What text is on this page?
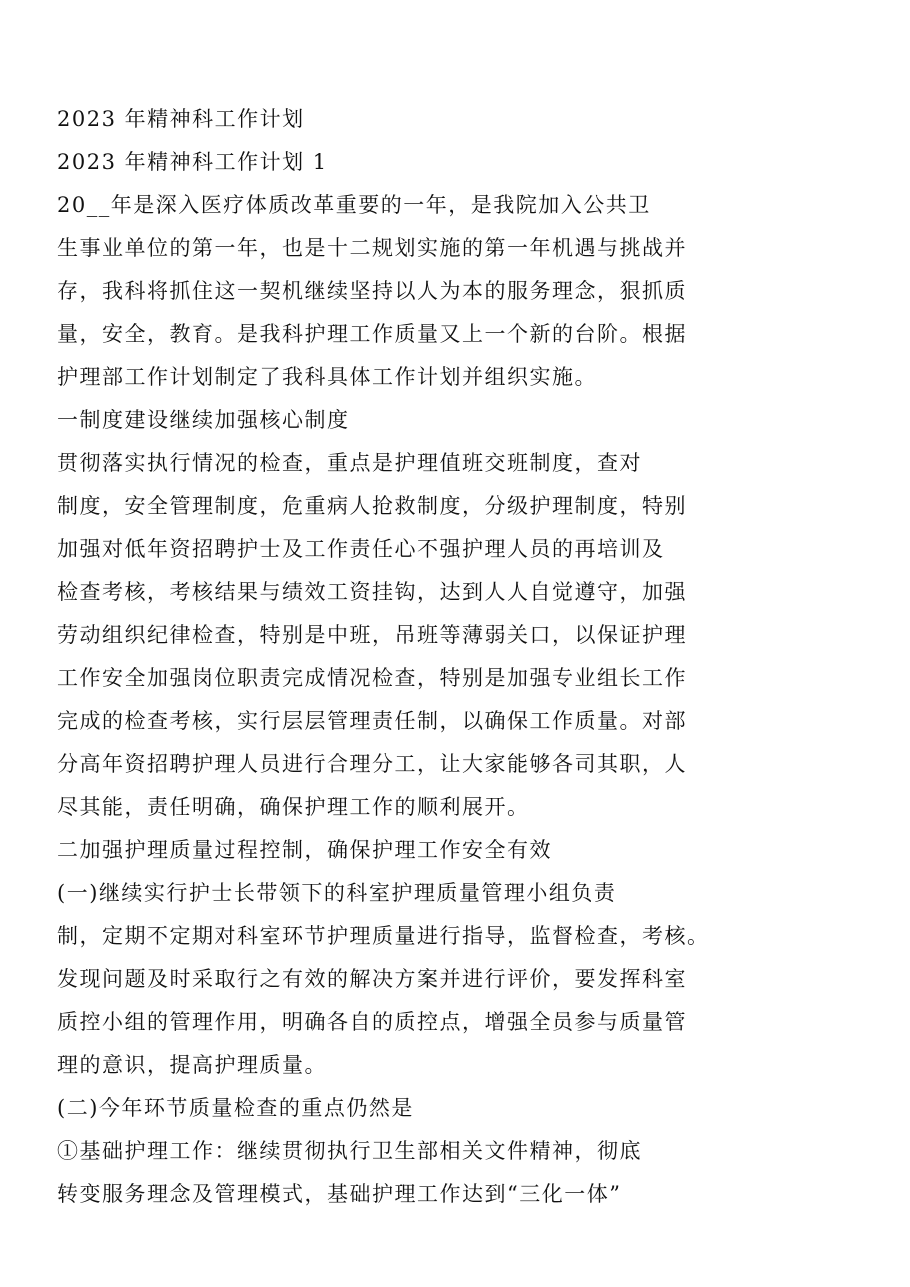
2023 年精神科工作计划
2023 年精神科工作计划 1
20__年是深入医疗体质改革重要的一年，是我院加入公共卫
生事业单位的第一年，也是十二规划实施的第一年机遇与挑战并
存，我科将抓住这一契机继续坚持以人为本的服务理念，狠抓质
量，安全，教育。是我科护理工作质量又上一个新的台阶。根据
护理部工作计划制定了我科具体工作计划并组织实施。
一制度建设继续加强核心制度
贯彻落实执行情况的检查，重点是护理值班交班制度，查对
制度，安全管理制度，危重病人抢救制度，分级护理制度，特别
加强对低年资招聘护士及工作责任心不强护理人员的再培训及
检查考核，考核结果与绩效工资挂钩，达到人人自觉遵守，加强
劳动组织纪律检查，特别是中班，吊班等薄弱关口，以保证护理
工作安全加强岗位职责完成情况检查，特别是加强专业组长工作
完成的检查考核，实行层层管理责任制，以确保工作质量。对部
分高年资招聘护理人员进行合理分工，让大家能够各司其职，人
尽其能，责任明确，确保护理工作的顺利展开。
二加强护理质量过程控制，确保护理工作安全有效
(一)继续实行护士长带领下的科室护理质量管理小组负责
制，定期不定期对科室环节护理质量进行指导，监督检查，考核。
发现问题及时采取行之有效的解决方案并进行评价，要发挥科室
质控小组的管理作用，明确各自的质控点，增强全员参与质量管
理的意识，提高护理质量。
(二)今年环节质量检查的重点仍然是
①基础护理工作：继续贯彻执行卫生部相关文件精神，彻底
转变服务理念及管理模式，基础护理工作达到“三化一体”
